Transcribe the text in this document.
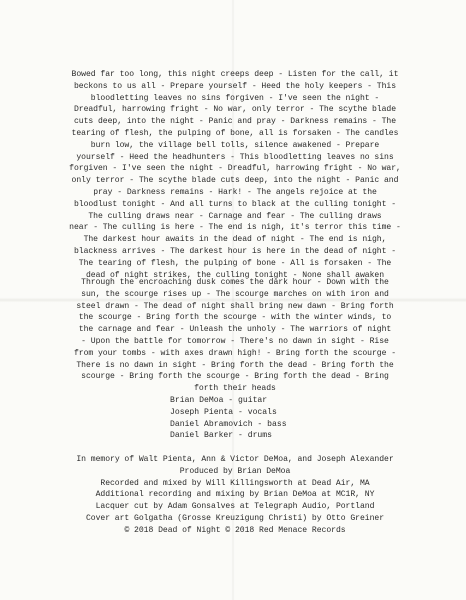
Bowed far too long, this night creeps deep - Listen for the call, it
beckons to us all - Prepare yourself - Heed the holy keepers - This
bloodletting leaves no sins forgiven - I've seen the night -
Dreadful, harrowing fright - No war, only terror - The scythe blade
cuts deep, into the night - Panic and pray - Darkness remains - The
tearing of flesh, the pulping of bone, all is forsaken - The candles
burn low, the village bell tolls, silence awakened - Prepare
yourself - Heed the headhunters - This bloodletting leaves no sins
forgiven - I've seen the night - Dreadful, harrowing fright - No war,
only terror - The scythe blade cuts deep, into the night - Panic and
pray - Darkness remains - Hark! - The angels rejoice at the
bloodlust tonight - And all turns to black at the culling tonight -
The culling draws near - Carnage and fear - The culling draws
near - The culling is here - The end is nigh, it's terror this time -
The darkest hour awaits in the dead of night - The end is nigh,
blackness arrives - The darkest hour is here in the dead of night -
The tearing of flesh, the pulping of bone - All is forsaken - The
dead of night strikes, the culling tonight - None shall awaken
Through the encroaching dusk comes the dark hour - Down with the
sun, the scourge rises up - The scourge marches on with iron and
steel drawn - The dead of night shall bring new dawn - Bring forth
the scourge - Bring forth the scourge - with the winter winds, to
the carnage and fear - Unleash the unholy - The warriors of night
- Upon the battle for tomorrow - There's no dawn in sight - Rise
from your tombs - with axes drawn high! - Bring forth the scourge -
There is no dawn in sight - Bring forth the dead - Bring forth the
scourge - Bring forth the scourge - Bring forth the dead - Bring
forth their heads
Brian DeMoa - guitar
Joseph Pienta - vocals
Daniel Abramovich - bass
Daniel Barker - drums
In memory of Walt Pienta, Ann & Victor DeMoa, and Joseph Alexander
Produced by Brian DeMoa
Recorded and mixed by Will Killingsworth at Dead Air, MA
Additional recording and mixing by Brian DeMoa at MC1R, NY
Lacquer cut by Adam Gonsalves at Telegraph Audio, Portland
Cover art Golgatha (Grosse Kreuzigung Christi) by Otto Greiner
© 2018 Dead of Night © 2018 Red Menace Records
